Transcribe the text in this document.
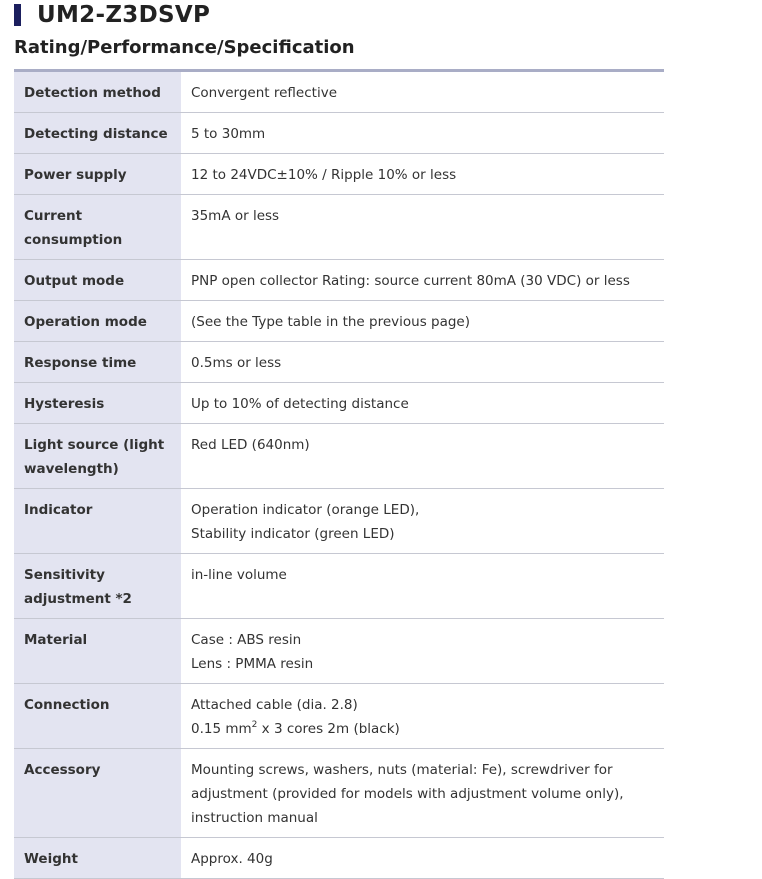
UM2-Z3DSVP
Rating/Performance/Specification
Detection method	Convergent reflective
Detecting distance	5 to 30mm
Power supply	12 to 24VDC±10% / Ripple 10% or less

Current
consumption	35mA or less
Output mode	PNP open collector Rating: source current 80mA (30 VDC) or less
Operation mode	(See the Type table in the previous page)
Response time	0.5ms or less
Hysteresis	Up to 10% of detecting distance

Light source (light
wavelength)	Red LED (640nm)
Indicator	Operation indicator (orange LED),
Stability indicator (green LED)

Sensitivity
adjustment *2	in-line volume
Material	Case : ABS resin
Lens : PMMA resin

Connection	Attached cable (dia. 2.8)
0.15 $mm^2$ x 3 cores 2m (black)

Accessory	Mounting screws, washers, nuts (material: Fe), screwdriver for
adjustment (provided for models with adjustment volume only),
instruction manual

Weight	Approx. 40g
